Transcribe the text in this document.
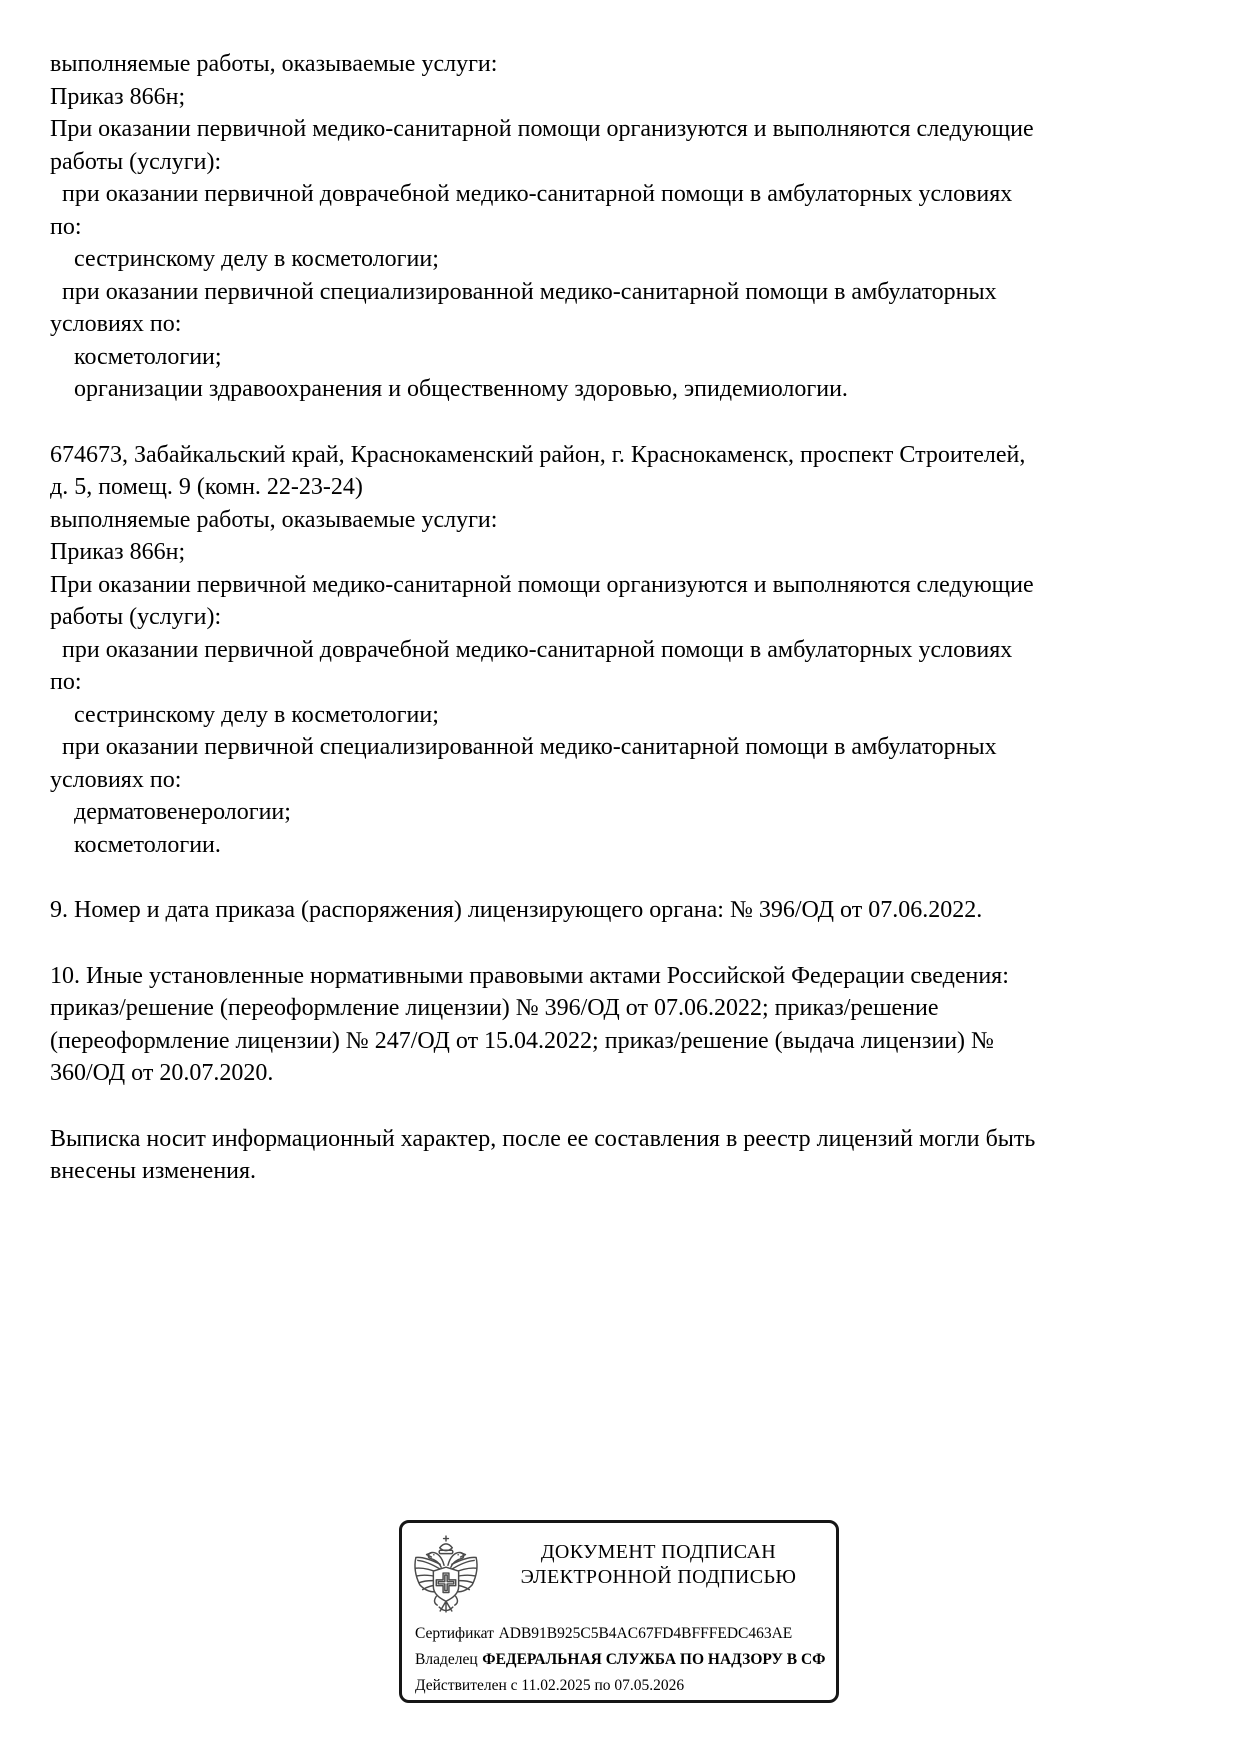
выполняемые работы, оказываемые услуги:
Приказ 866н;
При оказании первичной медико-санитарной помощи организуются и выполняются следующие
работы (услуги):
при оказании первичной доврачебной медико-санитарной помощи в амбулаторных условиях
по:
сестринскому делу в косметологии;
при оказании первичной специализированной медико-санитарной помощи в амбулаторных
условиях по:
косметологии;
организации здравоохранения и общественному здоровью, эпидемиологии.
674673, Забайкальский край, Краснокаменский район, г. Краснокаменск, проспект Строителей,
д. 5, помещ. 9 (комн. 22-23-24)
выполняемые работы, оказываемые услуги:
Приказ 866н;
При оказании первичной медико-санитарной помощи организуются и выполняются следующие
работы (услуги):
при оказании первичной доврачебной медико-санитарной помощи в амбулаторных условиях
по:
сестринскому делу в косметологии;
при оказании первичной специализированной медико-санитарной помощи в амбулаторных
условиях по:
дерматовенерологии;
косметологии.
9. Номер и дата приказа (распоряжения) лицензирующего органа: № 396/ОД от 07.06.2022.
10. Иные установленные нормативными правовыми актами Российской Федерации сведения:
приказ/решение (переоформление лицензии) № 396/ОД от 07.06.2022; приказ/решение
(переоформление лицензии) № 247/ОД от 15.04.2022; приказ/решение (выдача лицензии) №
360/ОД от 20.07.2020.
Выписка носит информационный характер, после ее составления в реестр лицензий могли быть
внесены изменения.
ДОКУМЕНТ ПОДПИСАН
ЭЛЕКТРОННОЙ ПОДПИСЬЮ
Сертификат ADB91B925C5B4AC67FD4BFFFEDC463AE
Владелец ФЕДЕРАЛЬНАЯ СЛУЖБА ПО НАДЗОРУ В СФ
Действителен с 11.02.2025 по 07.05.2026
